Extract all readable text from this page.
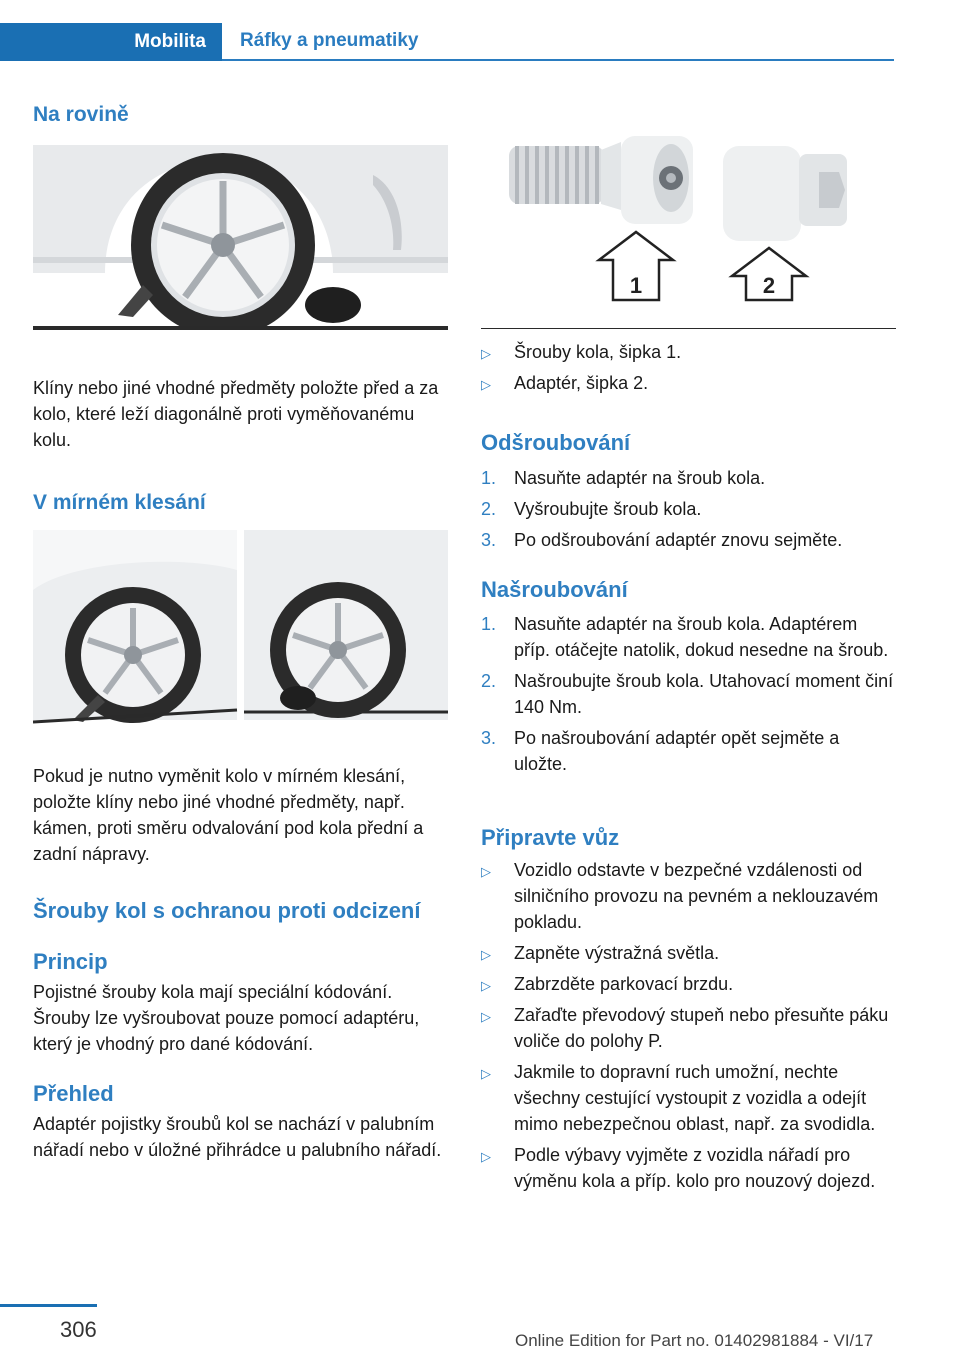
Mobilita	Ráfky a pneumatiky
Na rovině

Klíny nebo jiné vhodné předměty položte před a za kolo, které leží diagonálně proti vyměňovanému kolu.

V mírném klesání

Pokud je nutno vyměnit kolo v mírném klesání, položte klíny nebo jiné vhodné předměty, např. kámen, proti směru odvalování pod kola přední a zadní nápravy.

Šrouby kol s ochranou proti odcizení
Princip

Pojistné šrouby kola mají speciální kódování. Šrouby lze vyšroubovat pouze pomocí adaptéru, který je vhodný pro dané kódování.

Přehled

Adaptér pojistky šroubů kol se nachází v palubním nářadí nebo v úložné přihrádce u palubního nářadí.

1	2
▷ Šrouby kola, šipka 1.
▷ Adaptér, šipka 2.
Odšroubování
1. Nasuňte adaptér na šroub kola.
2. Vyšroubujte šroub kola.
3. Po odšroubování adaptér znovu sejměte.
Našroubování
1. Nasuňte adaptér na šroub kola. Adaptérem příp. otáčejte natolik, dokud nesedne na šroub.
2. Našroubujte šroub kola. Utahovací moment činí 140 Nm.
3. Po našroubování adaptér opět sejměte a uložte.
Připravte vůz
▷ Vozidlo odstavte v bezpečné vzdálenosti od silničního provozu na pevném a neklouzavém pokladu.
▷ Zapněte výstražná světla.
▷ Zabrzděte parkovací brzdu.
▷ Zařaďte převodový stupeň nebo přesuňte páku voliče do polohy P.
▷ Jakmile to dopravní ruch umožní, nechte všechny cestující vystoupit z vozidla a odejít mimo nebezpečnou oblast, např. za svodidla.
▷ Podle výbavy vyjměte z vozidla nářadí pro výměnu kola a příp. kolo pro nouzový dojezd.
306	Online Edition for Part no. 01402981884 - VI/17
